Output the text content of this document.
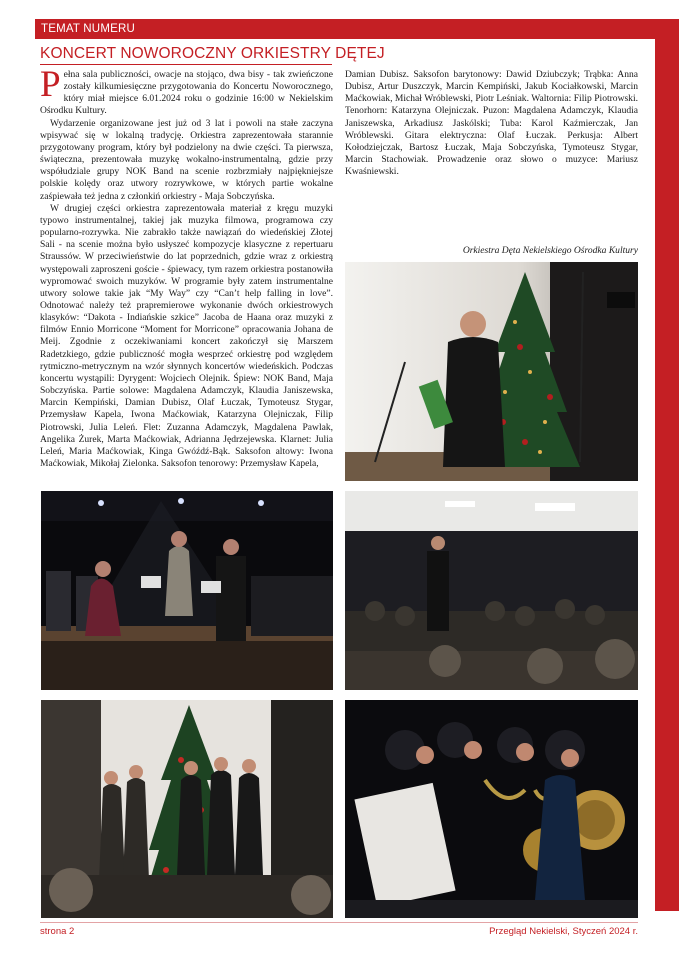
TEMAT NUMERU
KONCERT NOWOROCZNY ORKIESTRY DĘTEJ

Pełna sala publiczności, owacje na stojąco, dwa bisy - tak zwieńczone zostały kilkumiesięczne przygotowania do Koncertu Noworocznego, który miał miejsce 6.01.2024 roku o godzinie 16:00 w Nekielskim Ośrodku Kultury.

Wydarzenie organizowane jest już od 3 lat i powoli na stałe zaczyna wpisywać się w lokalną tradycję. Orkiestra zaprezentowała starannie przygotowany program, który był podzielony na dwie części. Ta pierwsza, świąteczna, prezentowała muzykę wokalno-instrumentalną, gdzie przy współudziale grupy NOK Band na scenie rozbrzmiały najpiękniejsze polskie kolędy oraz utwory rozrywkowe, w których partie wokalne zaśpiewała też jedna z członkiń orkiestry - Maja Sobczyńska.

W drugiej części orkiestra zaprezentowała materiał z kręgu muzyki typowo instrumentalnej, takiej jak muzyka filmowa, programowa czy popularno-rozrywka. Nie zabrakło także nawiązań do wiedeńskiej Złotej Sali - na scenie można było usłyszeć kompozycje klasyczne z repertuaru Straussów. W przeciwieństwie do lat poprzednich, gdzie wraz z orkiestrą występowali zaproszeni goście - śpiewacy, tym razem orkiestra postanowiła wypromować swoich muzyków. W programie były zatem instrumentalne utwory solowe takie jak “My Way” czy “Can’t help falling in love”. Odnotować należy też prapremierowe wykonanie dwóch orkiestrowych klasyków: “Dakota - Indiańskie szkice” Jacoba de Haana oraz muzyki z filmów Ennio Morricone “Moment for Morricone” opracowania Johana de Meij. Zgodnie z oczekiwaniami koncert zakończył się Marszem Radetzkiego, gdzie publiczność mogła wesprzeć orkiestrę pod względem rytmiczno-metrycznym na wzór słynnych koncertów wiedeńskich. Podczas koncertu wystąpili: Dyrygent: Wojciech Olejnik. Śpiew: NOK Band, Maja Sobczyńska. Partie solowe: Magdalena Adamczyk, Klaudia Janiszewska, Marcin Kempiński, Damian Dubisz, Olaf Łuczak, Tymoteusz Stygar, Przemysław Kapela, Iwona Maćkowiak, Katarzyna Olejniczak, Filip Piotrowski, Julia Leleń. Flet: Zuzanna Adamczyk, Magdalena Pawlak, Angelika Żurek, Marta Maćkowiak, Adrianna Jędrzejewska. Klarnet: Julia Leleń, Maria Maćkowiak, Kinga Gwóźdź-Bąk. Saksofon altowy: Iwona Maćkowiak, Mikołaj Zielonka. Saksofon tenorowy: Przemysław Kapela,

Damian Dubisz. Saksofon barytonowy: Dawid Dziubczyk; Trąbka: Anna Dubisz, Artur Duszczyk, Marcin Kempiński, Jakub Kociałkowski, Marcin Maćkowiak, Michał Wróblewski, Piotr Leśniak. Waltornia: Filip Piotrowski. Tenorhorn: Katarzyna Olejniczak. Puzon: Magdalena Adamczyk, Klaudia Janiszewska, Arkadiusz Jaskólski; Tuba: Karol Kaźmierczak, Jan Wróblewski. Gitara elektryczna: Olaf Łuczak. Perkusja: Albert Kołodziejczak, Bartosz Łuczak, Maja Sobczyńska, Tymoteusz Stygar, Marcin Stachowiak. Prowadzenie oraz słowo o muzyce: Mariusz Kwaśniewski.
Orkiestra Dęta Nekielskiego Ośrodka Kultury
strona 2	Przegląd Nekielski, Styczeń 2024 r.
